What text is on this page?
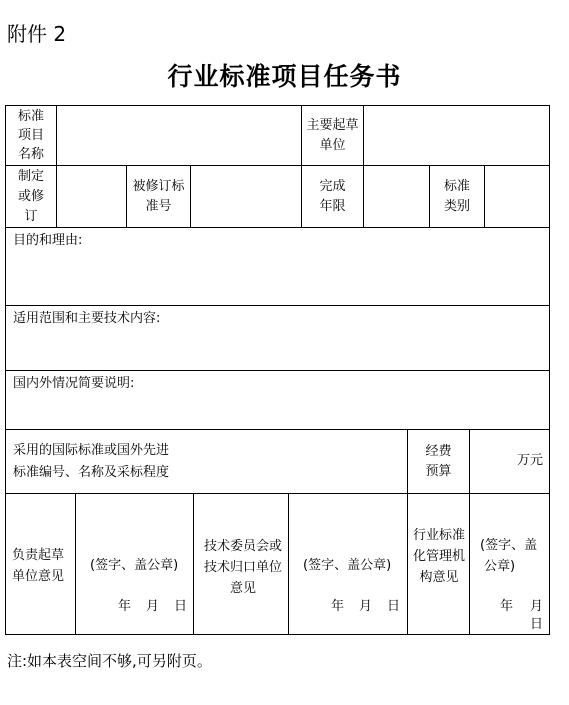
附件 2
行业标准项目任务书
标准项目名称
主要起草单位
制定或修订
被修订标准号
完成年限
标准类别
目的和理由:
适用范围和主要技术内容:
国内外情况简要说明:
采用的国际标准或国外先进
标准编号、名称及采标程度
经费预算
万元
负责起草单位意见
(签字、盖公章)
年 月 日
技术委员会或技术归口单位意见
(签字、盖公章)
年 月 日
行业标准化管理机构意见
(签字、盖
公章)
年 月
日
注:如本表空间不够,可另附页。
